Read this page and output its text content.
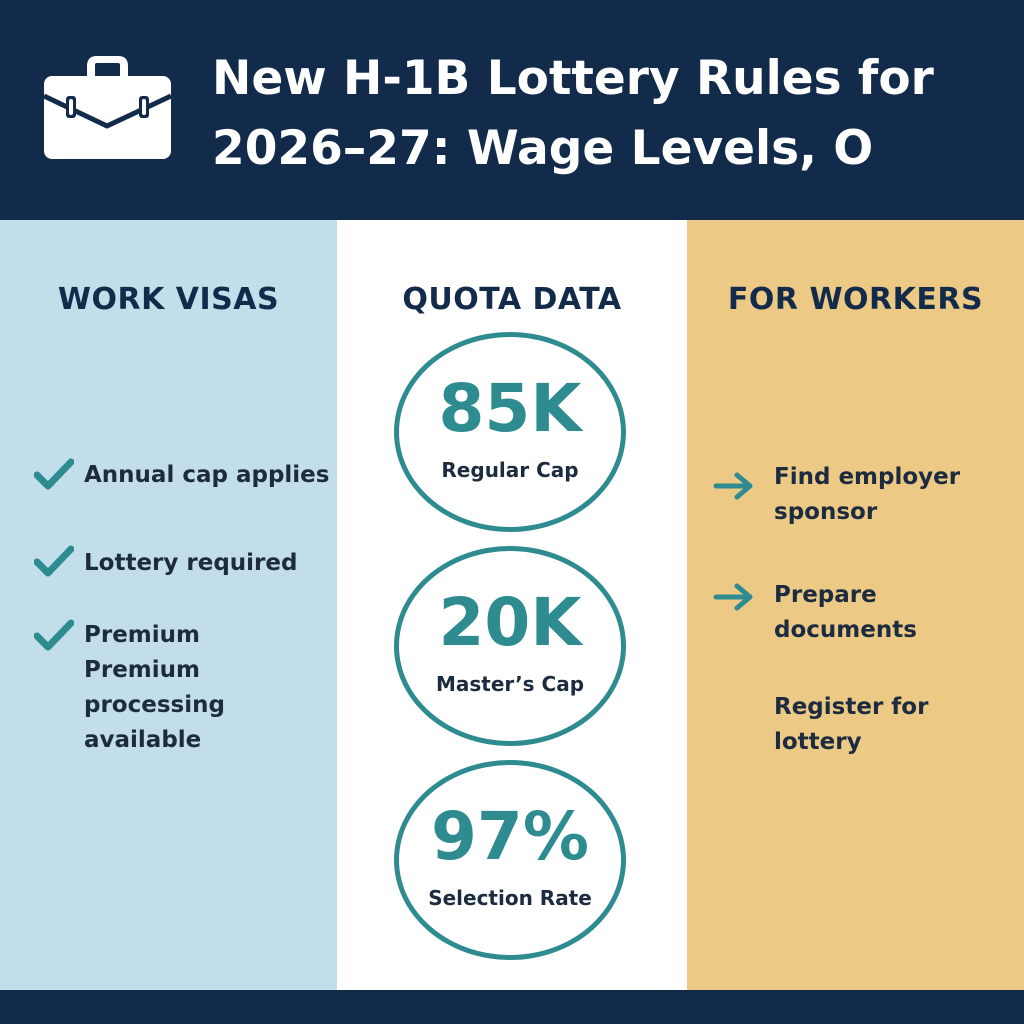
New H-1B Lottery Rules for
2026–27: Wage Levels, O
WORK VISAS
Annual cap applies
Lottery required
Premium
Premium processing
available
QUOTA DATA
85K
Regular Cap
20K
Master’s Cap
97%
Selection Rate
FOR WORKERS
Find employer
sponsor
Prepare documents
Register for lottery
